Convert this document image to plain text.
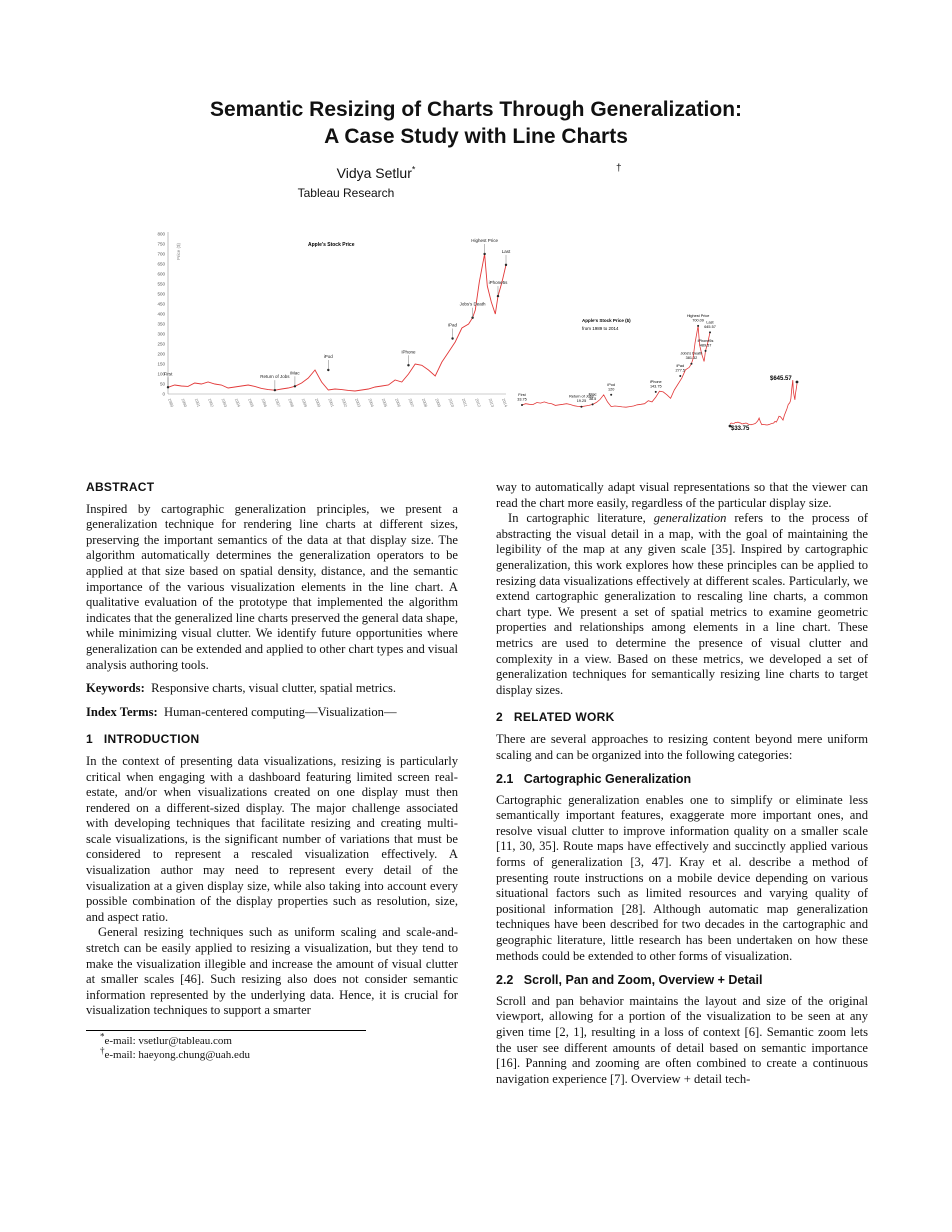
Semantic Resizing of Charts Through Generalization:
A Case Study with Line Charts
Vidya Setlur*	†
Tableau Research
Apple's Stock Price
Price ($)
0
50
100
150
200
250
300
350
400
450
500
550
600
650
700
750
800
1989 1990 1991 1992 1993 1994 1995 1996 1997 1998 1999 2000 2001 2002 2003 2004 2005 2006 2007 2008 2009 2010 2011 2012 2013 2014
First
Return of Jobs
iMac
iPod
iPhone
iPad
Jobs's Death
iPhone5s
Highest Price
Last
Apple's Stock Price ($)
from 1989 to 2014
First
33.75
Return of Jobs
19.25
iMac
38.5
iPod
120
iPhone
143.75
iPad
277.5
Jobs's Death
381.32
iPhone5s
489.57
Highest Price
700.09 Last
645.57
$33.75
$645.57
ABSTRACT

Inspired by cartographic generalization principles, we present a generalization technique for rendering line charts at different sizes, preserving the important semantics of the data at that display size. The algorithm automatically determines the generalization operators to be applied at that size based on spatial density, distance, and the semantic importance of the various visualization elements in the line chart. A qualitative evaluation of the prototype that implemented the algorithm indicates that the generalized line charts preserved the general data shape, while minimizing visual clutter. We identify future opportunities where generalization can be extended and applied to other chart types and visual analysis authoring tools.

Keywords: Responsive charts, visual clutter, spatial metrics.

Index Terms: Human-centered computing—Visualization—

1 INTRODUCTION

In the context of presenting data visualizations, resizing is particularly critical when engaging with a dashboard featuring limited screen real-estate, and/or when visualizations created on one display must then rendered on a different-sized display. The major challenge associated with developing techniques that facilitate resizing and creating multi-scale visualizations, is the significant number of variations that must be considered to represent a rescaled visualization effectively. A visualization author may need to represent every detail of the visualization at a given display size, while also taking into account every possible combination of the display properties such as resolution, size, and aspect ratio.

General resizing techniques such as uniform scaling and scale-and-stretch can be easily applied to resizing a visualization, but they tend to make the visualization illegible and increase the amount of visual clutter at smaller scales [46]. Such resizing also does not consider semantic information represented by the underlying data. Hence, it is crucial for visualization techniques to support a smarter

*e-mail: vsetlur@tableau.com
†e-mail: haeyong.chung@uah.edu

way to automatically adapt visual representations so that the viewer can read the chart more easily, regardless of the particular display size.

In cartographic literature, generalization refers to the process of abstracting the visual detail in a map, with the goal of maintaining the legibility of the map at any given scale [35]. Inspired by cartographic generalization, this work explores how these principles can be applied to resizing data visualizations effectively at different scales. Particularly, we extend cartographic generalization to rescaling line charts, a common chart type. We present a set of spatial metrics to examine geometric properties and relationships among elements in a line chart. These metrics are used to determine the presence of visual clutter and complexity in a view. Based on these metrics, we developed a set of generalization techniques for semantically resizing line charts to target display sizes.

2 RELATED WORK

There are several approaches to resizing content beyond mere uniform scaling and can be organized into the following categories:

2.1   Cartographic Generalization

Cartographic generalization enables one to simplify or eliminate less semantically important features, exaggerate more important ones, and resolve visual clutter to improve information quality on a smaller scale [11, 30, 35]. Route maps have effectively and succinctly applied various forms of generalization [3, 47]. Kray et al. describe a method of presenting route instructions on a mobile device depending on various situational factors such as limited resources and varying quality of positional information [28]. Although automatic map generalization techniques have been described for two decades in the cartographic and geographic literature, little research has been undertaken on how these methods could be extended to other forms of visualization.

2.2   Scroll, Pan and Zoom, Overview + Detail

Scroll and pan behavior maintains the layout and size of the original viewport, allowing for a portion of the visualization to be seen at any given time [2, 1], resulting in a loss of context [6]. Semantic zoom lets the user see different amounts of detail based on semantic importance [16]. Panning and zooming are often combined to create a continuous navigation experience [7]. Overview + detail tech-
